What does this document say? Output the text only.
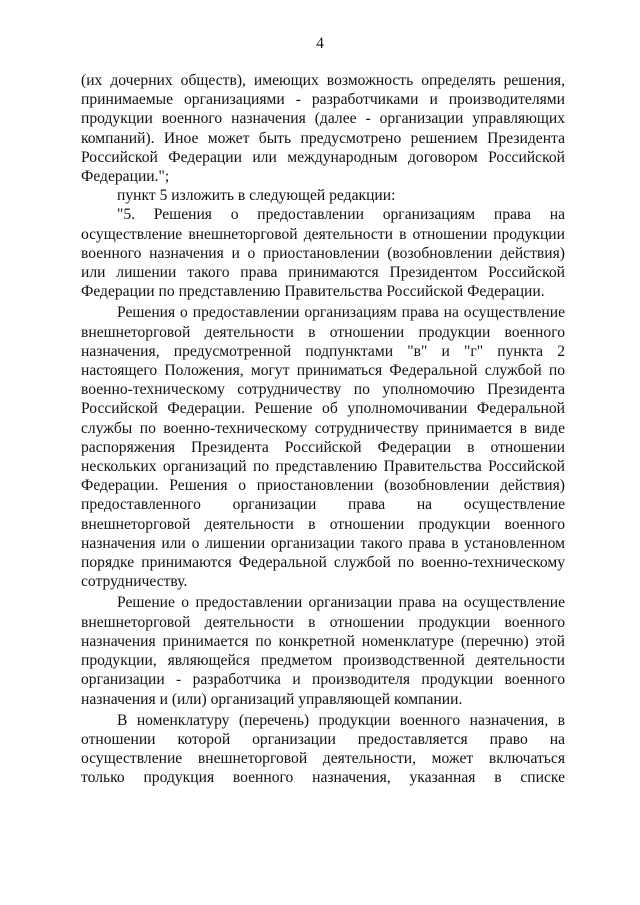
4

(их дочерних обществ), имеющих возможность определять решения, принимаемые организациями - разработчиками и производителями продукции военного назначения (далее - организации управляющих компаний). Иное может быть предусмотрено решением Президента Российской Федерации или международным договором Российской Федерации.";

пункт 5 изложить в следующей редакции:

"5. Решения о предоставлении организациям права на осуществление внешнеторговой деятельности в отношении продукции военного назначения и о приостановлении (возобновлении действия) или лишении такого права принимаются Президентом Российской Федерации по представлению Правительства Российской Федерации.

Решения о предоставлении организациям права на осуществление внешнеторговой деятельности в отношении продукции военного назначения, предусмотренной подпунктами "в" и "г" пункта 2 настоящего Положения, могут приниматься Федеральной службой по военно-техническому сотрудничеству по уполномочию Президента Российской Федерации. Решение об уполномочивании Федеральной службы по военно-техническому сотрудничеству принимается в виде распоряжения Президента Российской Федерации в отношении нескольких организаций по представлению Правительства Российской Федерации. Решения о приостановлении (возобновлении действия) предоставленного организации права на осуществление внешнеторговой деятельности в отношении продукции военного назначения или о лишении организации такого права в установленном порядке принимаются Федеральной службой по военно-техническому сотрудничеству.

Решение о предоставлении организации права на осуществление внешнеторговой деятельности в отношении продукции военного назначения принимается по конкретной номенклатуре (перечню) этой продукции, являющейся предметом производственной деятельности организации - разработчика и производителя продукции военного назначения и (или) организаций управляющей компании.

В номенклатуру (перечень) продукции военного назначения, в отношении которой организации предоставляется право на осуществление внешнеторговой деятельности, может включаться только продукция военного назначения, указанная в списке
